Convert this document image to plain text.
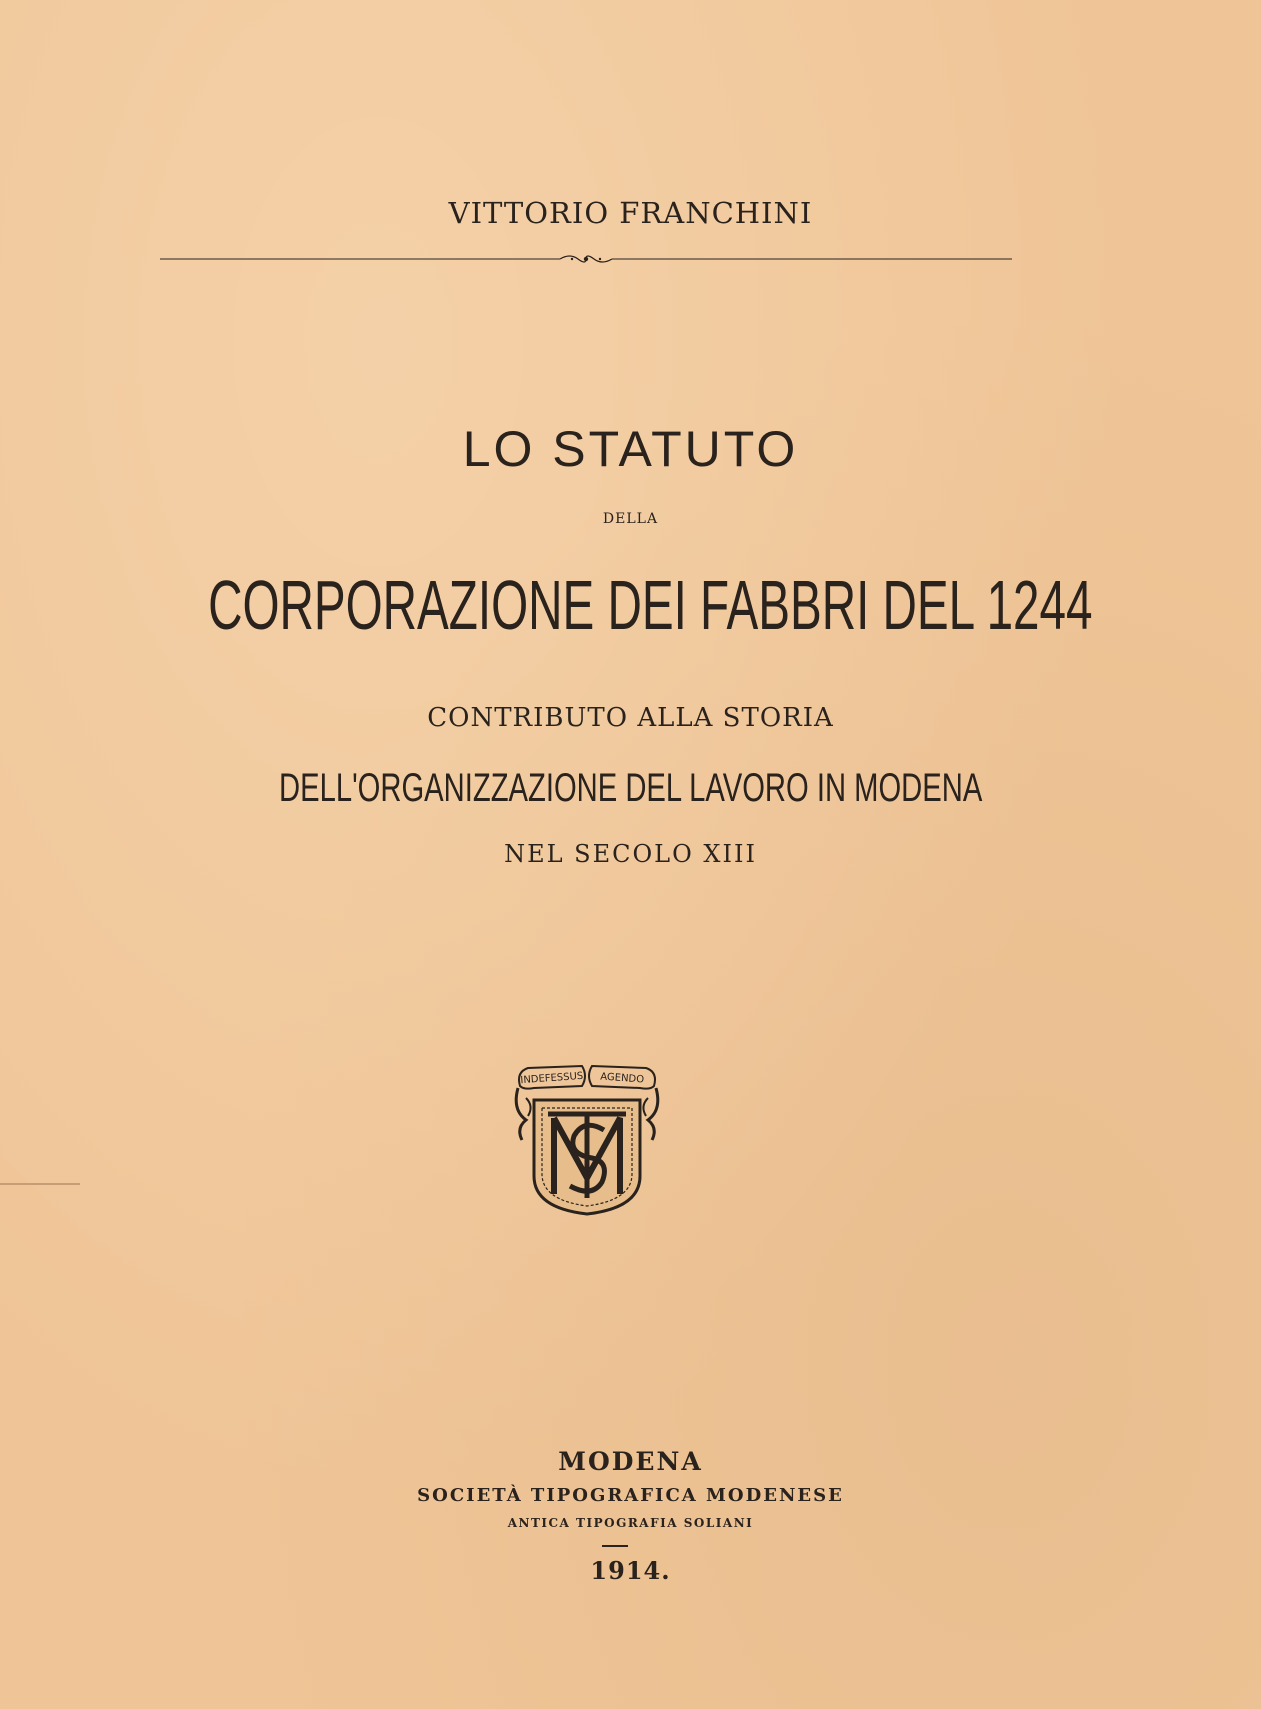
VITTORIO FRANCHINI
LO STATUTO
DELLA
CORPORAZIONE DEI FABBRI DEL 1244
CONTRIBUTO ALLA STORIA
DELL'ORGANIZZAZIONE DEL LAVORO IN MODENA
NEL SECOLO XIII
INDEFESSUS AGENDO
MODENA
SOCIETÀ TIPOGRAFICA MODENESE
ANTICA TIPOGRAFIA SOLIANI
1914.
